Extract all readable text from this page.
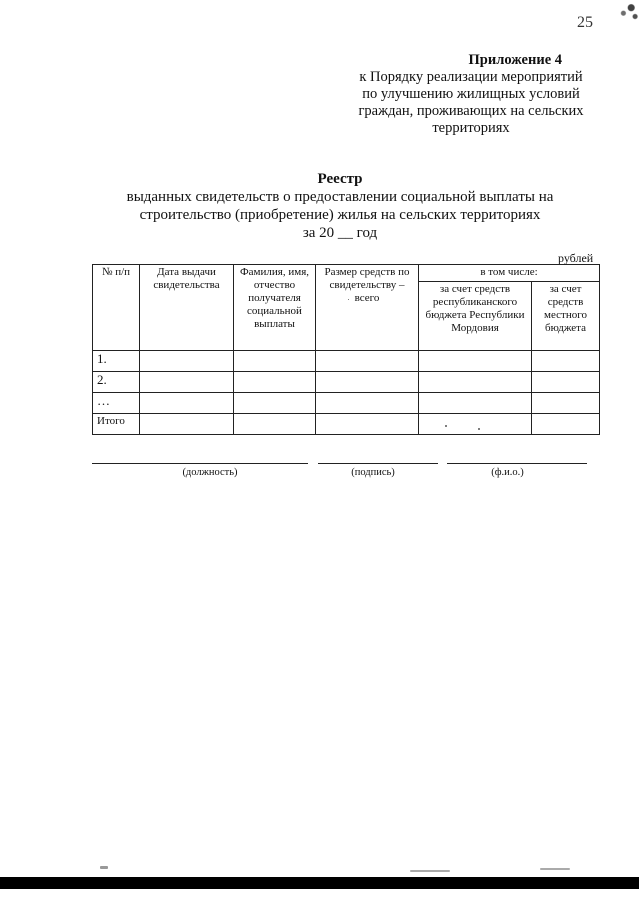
25
Приложение 4
к Порядку реализации мероприятий
по улучшению жилищных условий
граждан, проживающих на сельских
территориях
Реестр
выданных свидетельств о предоставлении социальной выплаты на
строительство (приобретение) жилья на сельских территориях
за 20 __ год
рублей
№ п/п	Дата выдачи свидетельства	Фамилия, имя, отчество получателя социальной выплаты	Размер средств по свидетельству – всего	в том числе:	
				за счет средств республиканского бюджета Республики Мордовия	за счет средств местного бюджета
1.					
2.					
…					
Итого					
(должность)	(подпись)	(ф.и.о.)
